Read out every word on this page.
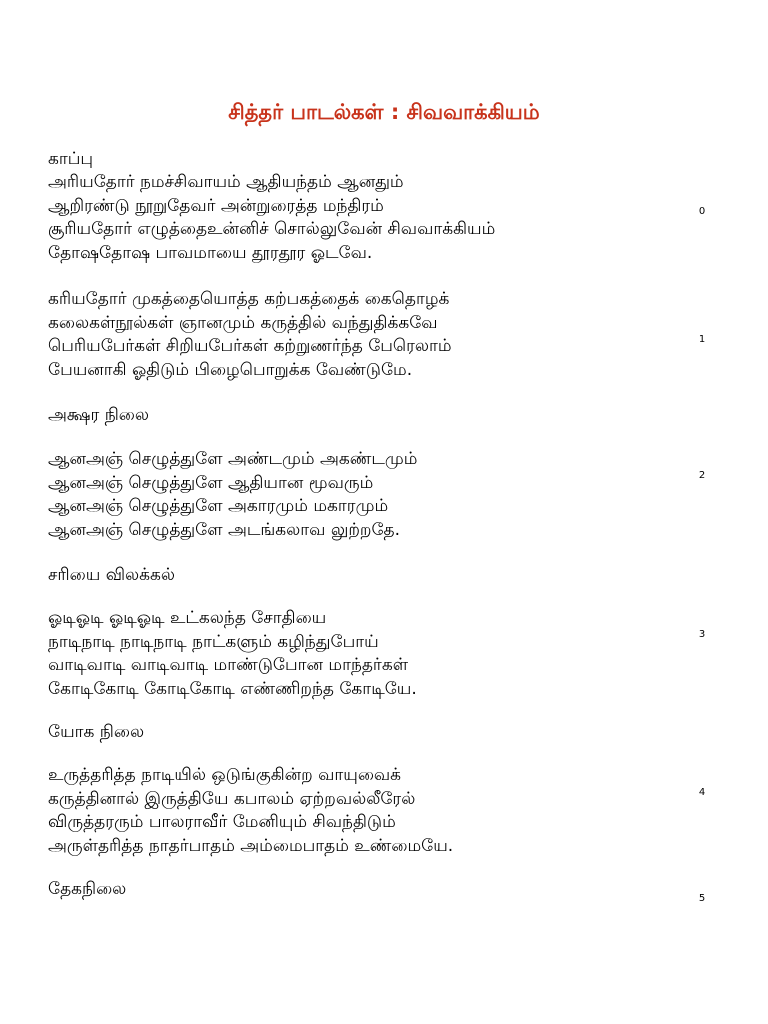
சித்தர் பாடல்கள் : சிவவாக்கியம்
காப்பு
அரியதோர் நமச்சிவாயம் ஆதியந்தம் ஆனதும்
ஆறிரண்டு நூறுதேவர் அன்றுரைத்த மந்திரம்
சூரியதோர் எழுத்தைஉன்னிச் சொல்லுவேன் சிவவாக்கியம்
தோஷதோஷ பாவமாயை தூரதூர ஓடவே.
0
கரியதோர் முகத்தையொத்த கற்பகத்தைக் கைதொழக்
கலைகள்நூல்கள் ஞானமும் கருத்தில் வந்துதிக்கவே
பெரியபேர்கள் சிறியபேர்கள் கற்றுணர்ந்த பேரெலாம்
பேயனாகி ஓதிடும் பிழைபொறுக்க வேண்டுமே.
1
அக்ஷர நிலை
ஆனஅஞ் செழுத்துளே அண்டமும் அகண்டமும்
ஆனஅஞ் செழுத்துளே ஆதியான மூவரும்
ஆனஅஞ் செழுத்துளே அகாரமும் மகாரமும்
ஆனஅஞ் செழுத்துளே அடங்கலாவ லுற்றதே.
2
சரியை விலக்கல்
ஓடிஓடி ஓடிஓடி உட்கலந்த சோதியை
நாடிநாடி நாடிநாடி நாட்களும் கழிந்துபோய்
வாடிவாடி வாடிவாடி மாண்டுபோன மாந்தர்கள்
கோடிகோடி கோடிகோடி எண்ணிறந்த கோடியே.
3
யோக நிலை
உருத்தரித்த நாடியில் ஒடுங்குகின்ற வாயுவைக்
கருத்தினால் இருத்தியே கபாலம் ஏற்றவல்லீரேல்
விருத்தரரும் பாலராவீர் மேனியும் சிவந்திடும்
அருள்தரித்த நாதர்பாதம் அம்மைபாதம் உண்மையே.
4
தேகநிலை	5
